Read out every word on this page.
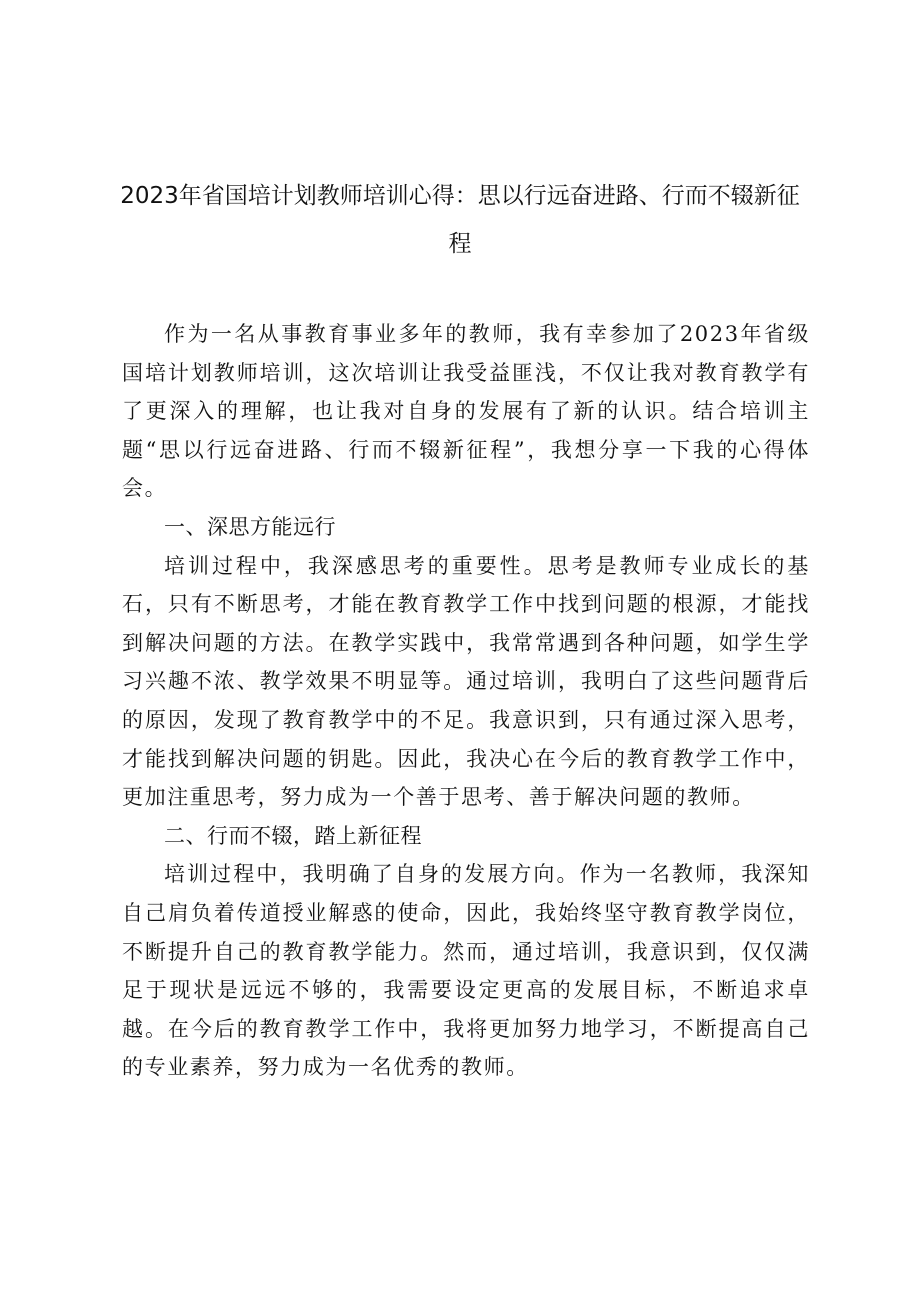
2023年省国培计划教师培训心得：思以行远奋进路、行而不辍新征程

作为一名从事教育事业多年的教师，我有幸参加了2023年省级国培计划教师培训，这次培训让我受益匪浅，不仅让我对教育教学有了更深入的理解，也让我对自身的发展有了新的认识。结合培训主题“思以行远奋进路、行而不辍新征程”，我想分享一下我的心得体会。

一、深思方能远行

培训过程中，我深感思考的重要性。思考是教师专业成长的基石，只有不断思考，才能在教育教学工作中找到问题的根源，才能找到解决问题的方法。在教学实践中，我常常遇到各种问题，如学生学习兴趣不浓、教学效果不明显等。通过培训，我明白了这些问题背后的原因，发现了教育教学中的不足。我意识到，只有通过深入思考，才能找到解决问题的钥匙。因此，我决心在今后的教育教学工作中，更加注重思考，努力成为一个善于思考、善于解决问题的教师。

二、行而不辍，踏上新征程

培训过程中，我明确了自身的发展方向。作为一名教师，我深知自己肩负着传道授业解惑的使命，因此，我始终坚守教育教学岗位，不断提升自己的教育教学能力。然而，通过培训，我意识到，仅仅满足于现状是远远不够的，我需要设定更高的发展目标，不断追求卓越。在今后的教育教学工作中，我将更加努力地学习，不断提高自己的专业素养，努力成为一名优秀的教师。
